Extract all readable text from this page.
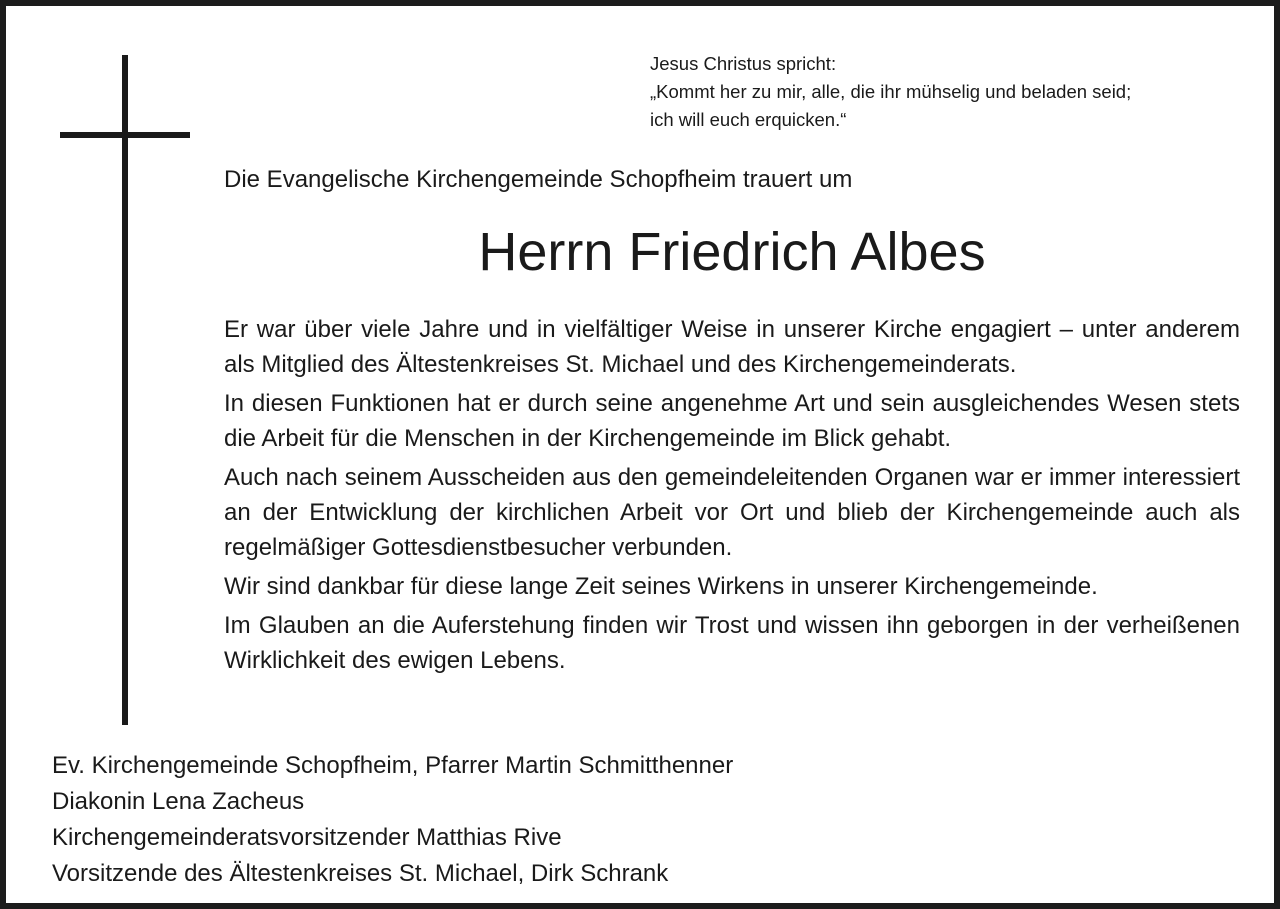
Jesus Christus spricht:
„Kommt her zu mir, alle, die ihr mühselig und beladen seid;
ich will euch erquicken.“
Die Evangelische Kirchengemeinde Schopfheim trauert um
Herrn Friedrich Albes

Er war über viele Jahre und in vielfältiger Weise in unserer Kirche engagiert – unter anderem als Mitglied des Ältestenkreises St. Michael und des Kirchengemeinderats.

In diesen Funktionen hat er durch seine angenehme Art und sein ausgleichendes Wesen stets die Arbeit für die Menschen in der Kirchengemeinde im Blick gehabt.

Auch nach seinem Ausscheiden aus den gemeindeleitenden Organen war er immer interessiert an der Entwicklung der kirchlichen Arbeit vor Ort und blieb der Kirchengemeinde auch als regelmäßiger Gottesdienstbesucher verbunden.

Wir sind dankbar für diese lange Zeit seines Wirkens in unserer Kirchengemeinde.

Im Glauben an die Auferstehung finden wir Trost und wissen ihn geborgen in der verheißenen Wirklichkeit des ewigen Lebens.

Ev. Kirchengemeinde Schopfheim, Pfarrer Martin Schmitthenner
Diakonin Lena Zacheus
Kirchengemeinderatsvorsitzender Matthias Rive
Vorsitzende des Ältestenkreises St. Michael, Dirk Schrank
